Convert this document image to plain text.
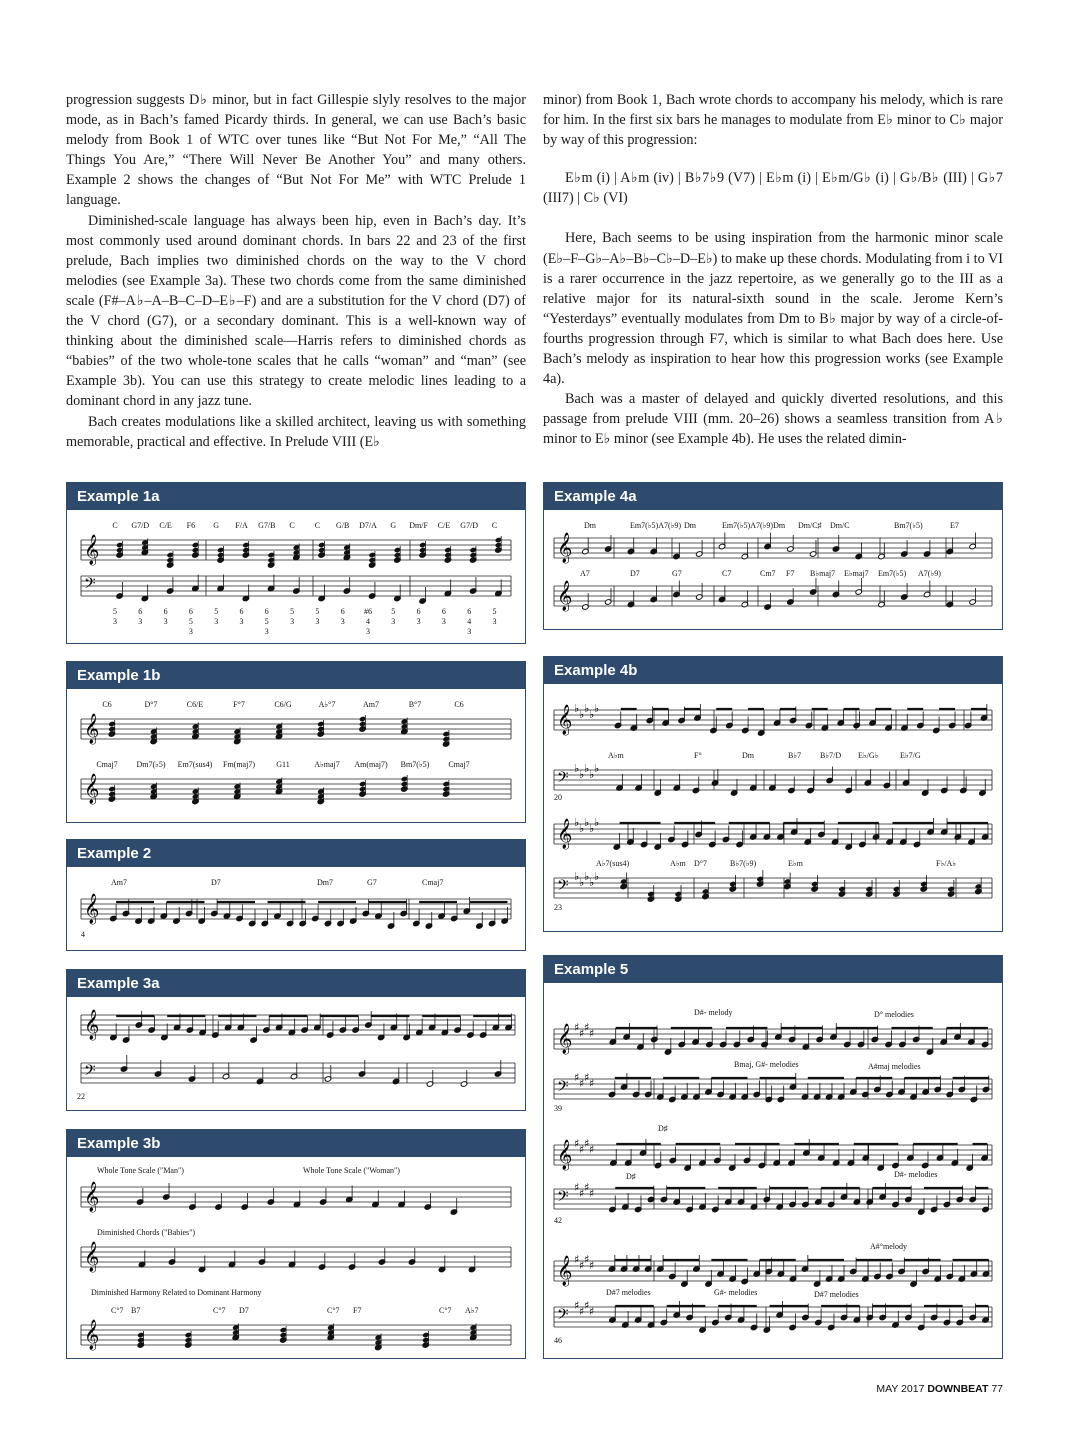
progression suggests D♭ minor, but in fact Gillespie slyly resolves to the major mode, as in Bach’s famed Picardy thirds. In general, we can use Bach’s basic melody from Book 1 of WTC over tunes like “But Not For Me,” “All The Things You Are,” “There Will Never Be Another You” and many others. Example 2 shows the changes of “But Not For Me” with WTC Prelude 1 language.

Diminished-scale language has always been hip, even in Bach’s day. It’s most commonly used around dominant chords. In bars 22 and 23 of the first prelude, Bach implies two diminished chords on the way to the V chord melodies (see Example 3a). These two chords come from the same diminished scale (F#–A♭–A–B–C–D–E♭–F) and are a substitution for the V chord (D7) of the V chord (G7), or a secondary dominant. This is a well-known way of thinking about the diminished scale—Harris refers to diminished chords as “babies” of the two whole-tone scales that he calls “woman” and “man” (see Example 3b). You can use this strategy to create melodic lines leading to a dominant chord in any jazz tune.

Bach creates modulations like a skilled architect, leaving us with something memorable, practical and effective. In Prelude VIII (E♭

minor) from Book 1, Bach wrote chords to accompany his melody, which is rare for him. In the first six bars he manages to modulate from E♭ minor to C♭ major by way of this progression:

E♭m (i) | A♭m (iv) | B♭7♭9 (V7) | E♭m (i) | E♭m/G♭ (i) | G♭/B♭ (III) | G♭7 (III7) | C♭ (VI)

Here, Bach seems to be using inspiration from the harmonic minor scale (E♭–F–G♭–A♭–B♭–C♭–D–E♭) to make up these chords. Modulating from i to VI is a rarer occurrence in the jazz repertoire, as we generally go to the III as a relative major for its natural-sixth sound in the scale. Jerome Kern’s “Yesterdays” eventually modulates from Dm to B♭ major by way of a circle-of-fourths progression through F7, which is similar to what Bach does here. Use Bach’s melody as inspiration to hear how this progression works (see Example 4a).

Bach was a master of delayed and quickly diverted resolutions, and this passage from prelude VIII (mm. 20–26) shows a seamless transition from A♭ minor to E♭ minor (see Example 4b). He uses the related dimin-

Example 1a
C G7/D C/E F6 G F/A G7/B C C G/B D7/A G Dm/F C/E G7/D C
𝄞
𝄢
5
3
6
3
6
3
6
5
3
5
3
6
3
6
5
3
5
3
5
3
6
3
#6
4
3
5
3
6
3
6
3
6
4
3
5
3
Example 1b
C6	D°7	C6/E	F°7	C6/G	A♭°7	Am7	B°7	C6
𝄞
Cmaj7 Dm7(♭5) Em7(sus4) Fm(maj7)	G11	A♭maj7 Am(maj7) Bm7(♭5) Cmaj7
𝄞
Example 2
Am7	D7	Dm7	G7	Cmaj7
𝄞
4
Example 3a
𝄞
𝄢
22
Example 3b
Whole Tone Scale ("Man")	Whole Tone Scale ("Woman")
𝄞
Diminished Chords ("Babies")
𝄞
Diminished Harmony Related to Dominant Harmony
C°7 B7	C°7 D7	C°7 F7	C°7 A♭7
𝄞
Example 4a
Dm	Em7(♭5)A7(♭9) Dm	Em7(♭5)A7(♭9)Dm Dm/C♯ Dm/C	Bm7(♭5)	E7
𝄞
A7	D7	G7	C7	Cm7 F7 B♭maj7 E♭maj7 Em7(♭5) A7(♭9)
𝄞
Example 4b
𝄞 ♭ ♭ ♭ ♭ ♭
A♭m	F°	Dm	B♭7 B♭7/D E♭/G♭	E♭7/G
𝄢
♭ ♭ ♭ ♭ ♭
20
𝄞 ♭ ♭ ♭ ♭ ♭
A♭7(sus4)	A♭m D°7	B♭7(♭9)	E♭m	F♭/A♭
𝄢
♭ ♭ ♭ ♭ ♭
23
Example 5
D#- melody	D° melodies
𝄞 ♯ ♯ ♯ ♯
Bmaj, G#- melodies	A#maj melodies
𝄢
♯ ♯ ♯ ♯
39
D♯
𝄞 ♯ ♯ ♯ ♯
D♯	D#- melodies
𝄢
♯ ♯ ♯ ♯
42
A#°melody
𝄞 ♯ ♯ ♯ ♯
D#7 melodies	G#- melodies	D#7 melodies
𝄢
♯ ♯ ♯ ♯
46
MAY 2017 DOWNBEAT 77
